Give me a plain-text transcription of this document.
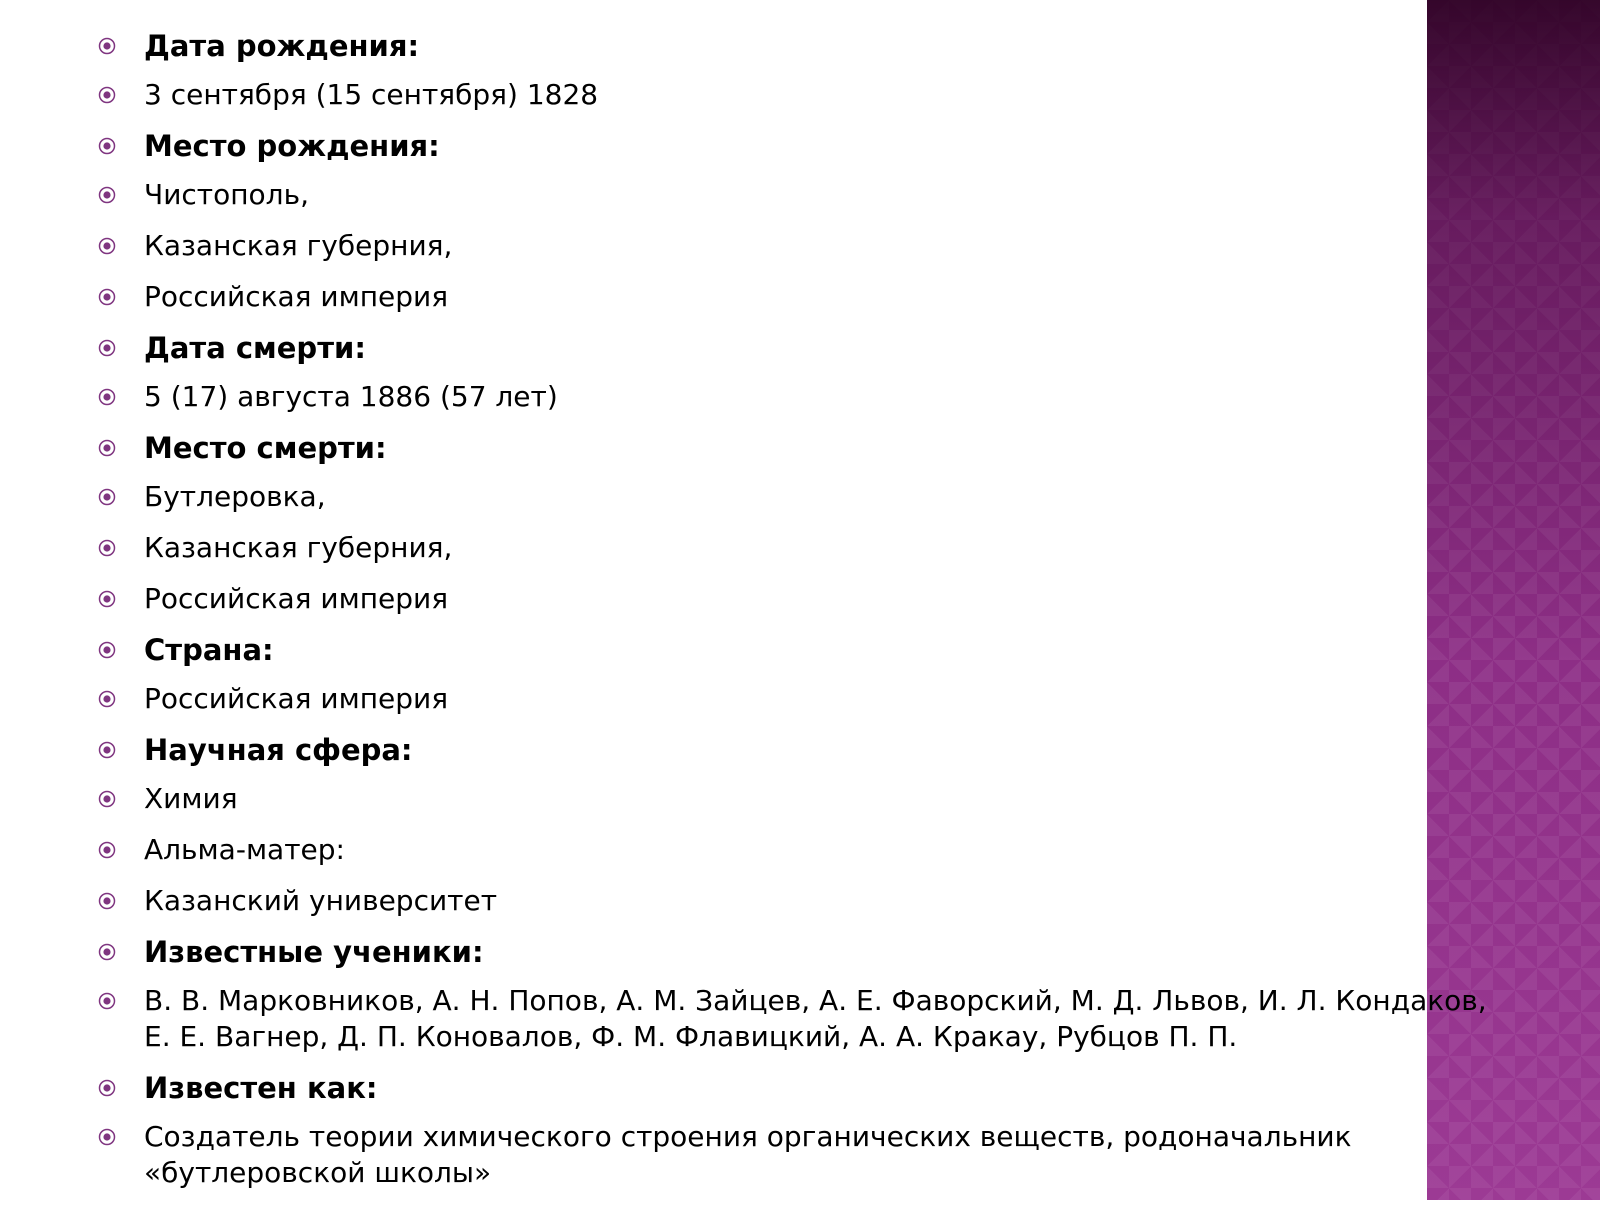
Дата рождения:
3 сентября (15 сентября) 1828
Место рождения:
Чистополь,
Казанская губерния,
Российская империя
Дата смерти:
5 (17) августа 1886 (57 лет)
Место смерти:
Бутлеровка,
Казанская губерния,
Российская империя
Страна:
Российская империя
Научная сфера:
Химия
Альма-матер:
Казанский университет
Известные ученики:
В. В. Марковников, А. Н. Попов, А. М. Зайцев, А. Е. Фаворский, М. Д. Львов, И. Л. Кондаков, Е. Е. Вагнер, Д. П. Коновалов, Ф. М. Флавицкий, А. А. Кракау, Рубцов П. П.
Известен как:
Создатель теории химического строения органических веществ, родоначальник «бутлеровской школы»
